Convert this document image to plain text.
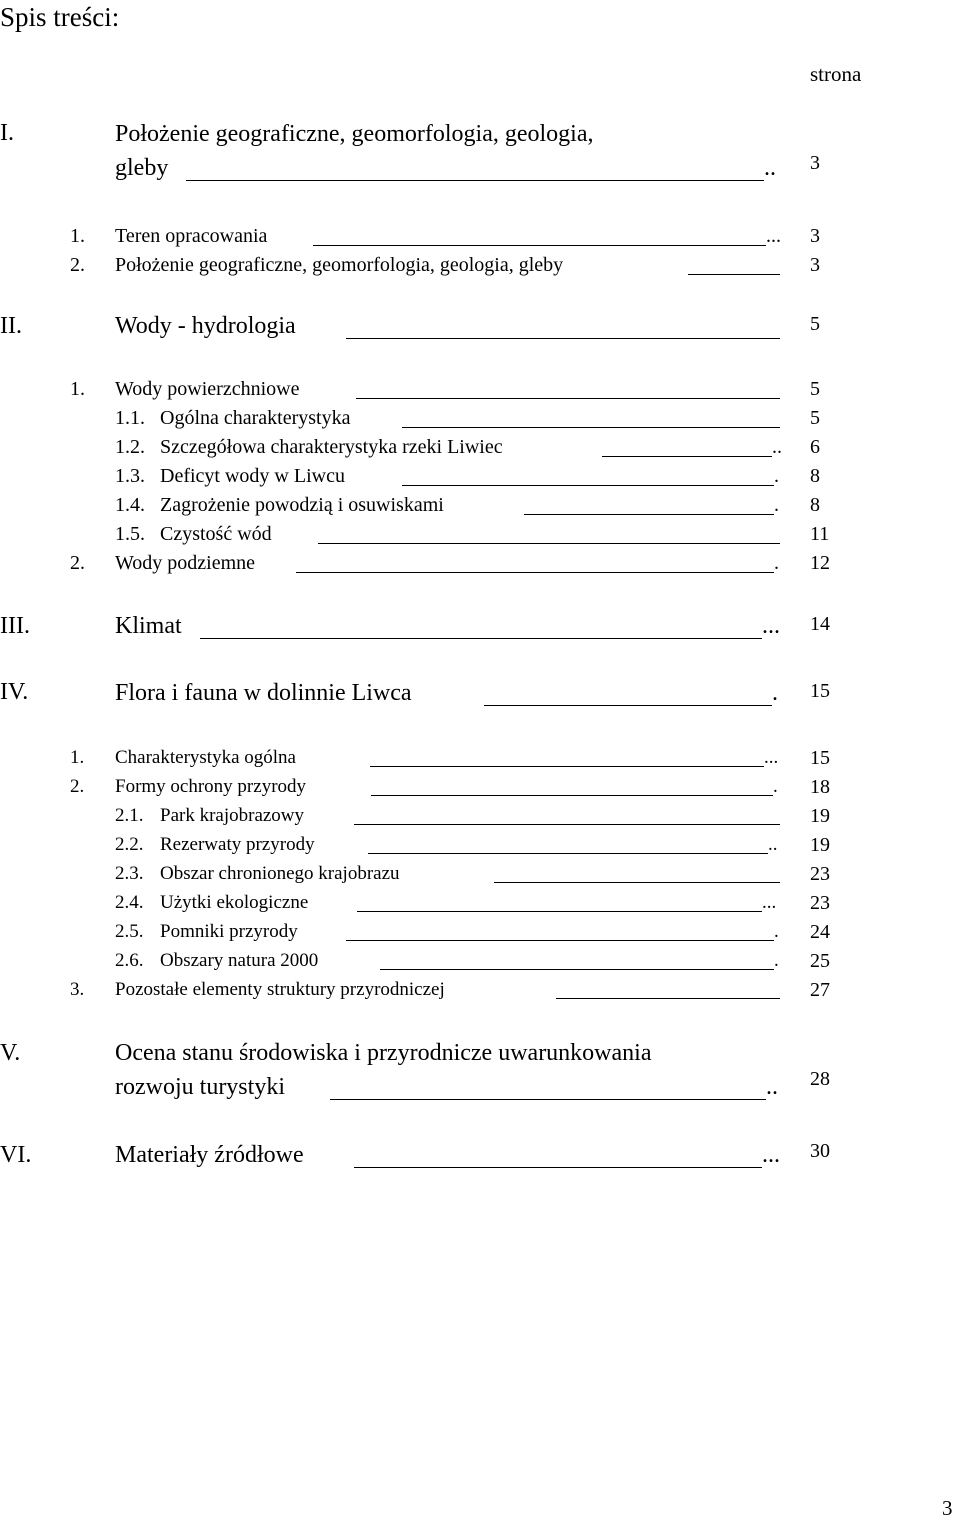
Spis treści:
strona
I.	Położenie geograficzne, geomorfologia, geologia,
gleby	.. 3
1. Teren opracowania	... 3
2. Położenie geograficzne, geomorfologia, geologia, gleby	3
II.	Wody - hydrologia	5
1. Wody powierzchniowe	5
1.1. Ogólna charakterystyka	5
1.2. Szczegółowa charakterystyka rzeki Liwiec	.. 6
1.3. Deficyt wody w Liwcu	. 8
1.4. Zagrożenie powodzią i osuwiskami	. 8
1.5. Czystość wód	11
2. Wody podziemne	. 12
III.	Klimat	... 14
IV.	Flora i fauna w dolinnie Liwca	. 15
1. Charakterystyka ogólna	... 15
2. Formy ochrony przyrody	. 18
2.1. Park krajobrazowy	19
2.2. Rezerwaty przyrody	.. 19
2.3. Obszar chronionego krajobrazu	23
2.4. Użytki ekologiczne	... 23
2.5. Pomniki przyrody	. 24
2.6. Obszary natura 2000	. 25
3. Pozostałe elementy struktury przyrodniczej	27
V.	Ocena stanu środowiska i przyrodnicze uwarunkowania
rozwoju turystyki	.. 28
VI.	Materiały źródłowe	... 30
3
